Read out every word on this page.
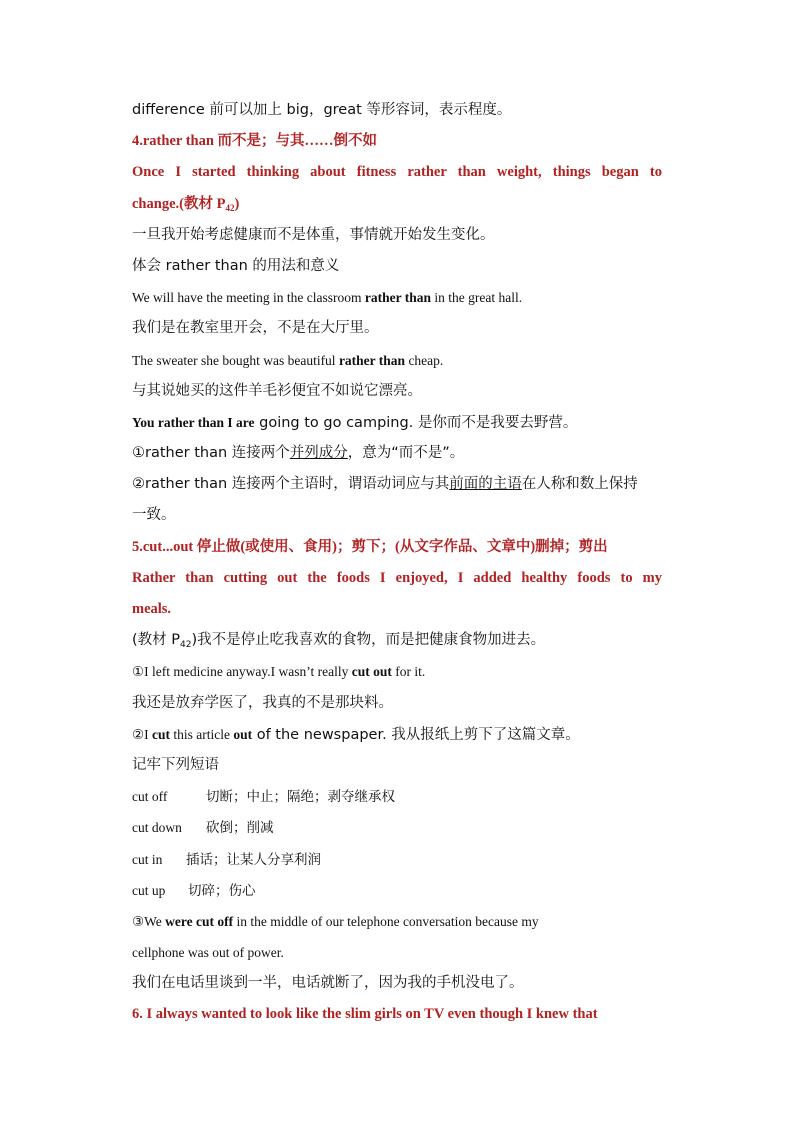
difference 前可以加上 big，great 等形容词，表示程度。
4.rather than 而不是；与其……倒不如
Once I started thinking about fitness rather than weight, things began to
change.(教材 $P_{42}$)
一旦我开始考虑健康而不是体重，事情就开始发生变化。
体会 rather than 的用法和意义
We will have the meeting in the classroom rather than in the great hall.
我们是在教室里开会，不是在大厅里。
The sweater she bought was beautiful rather than cheap.
与其说她买的这件羊毛衫便宜不如说它漂亮。
You rather than I are going to go camping. 是你而不是我要去野营。
①rather than 连接两个并列成分，意为“而不是”。
②rather than 连接两个主语时，谓语动词应与其前面的主语在人称和数上保持
一致。
5.cut...out 停止做(或使用、食用)；剪下；(从文字作品、文章中)删掉；剪出
Rather than cutting out the foods I enjoyed, I added healthy foods to my
meals.
(教材 $P_{42}$)我不是停止吃我喜欢的食物，而是把健康食物加进去。
①I left medicine anyway.I wasn’t really cut out for it.
我还是放弃学医了，我真的不是那块料。
②I cut this article out of the newspaper. 我从报纸上剪下了这篇文章。
记牢下列短语
cut off	切断；中止；隔绝；剥夺继承权
cut down 砍倒；削减
cut in 插话；让某人分享利润
cut up 切碎；伤心
③We were cut off in the middle of our telephone conversation because my
cellphone was out of power.
我们在电话里谈到一半，电话就断了，因为我的手机没电了。
6. I always wanted to look like the slim girls on TV even though I knew that
